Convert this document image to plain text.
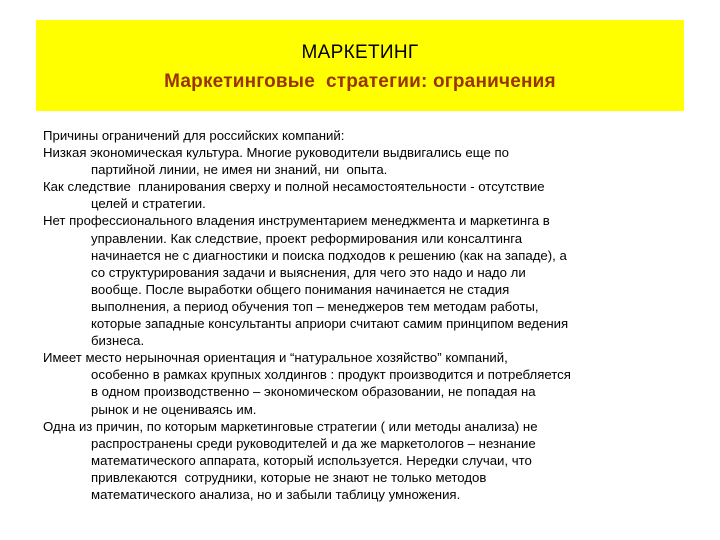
МАРКЕТИНГ
Маркетинговые  стратегии: ограничения

Причины ограничений для российских компаний:

Низкая экономическая культура. Многие руководители выдвигались еще по
партийной линии, не имея ни знаний, ни  опыта.

Как следствие  планирования сверху и полной несамостоятельности - отсутствие
целей и стратегии.

Нет профессионального владения инструментарием менеджмента и маркетинга в
управлении. Как следствие, проект реформирования или консалтинга
начинается не с диагностики и поиска подходов к решению (как на западе), а
со структурирования задачи и выяснения, для чего это надо и надо ли
вообще. После выработки общего понимания начинается не стадия
выполнения, а период обучения топ – менеджеров тем методам работы,
которые западные консультанты априори считают самим принципом ведения
бизнеса.

Имеет место нерыночная ориентация и “натуральное хозяйство” компаний,
особенно в рамках крупных холдингов : продукт производится и потребляется
в одном производственно – экономическом образовании, не попадая на
рынок и не оцениваясь им.

Одна из причин, по которым маркетинговые стратегии ( или методы анализа) не
распространены среди руководителей и да же маркетологов – незнание
математического аппарата, который используется. Нередки случаи, что
привлекаются  сотрудники, которые не знают не только методов
математического анализа, но и забыли таблицу умножения.
